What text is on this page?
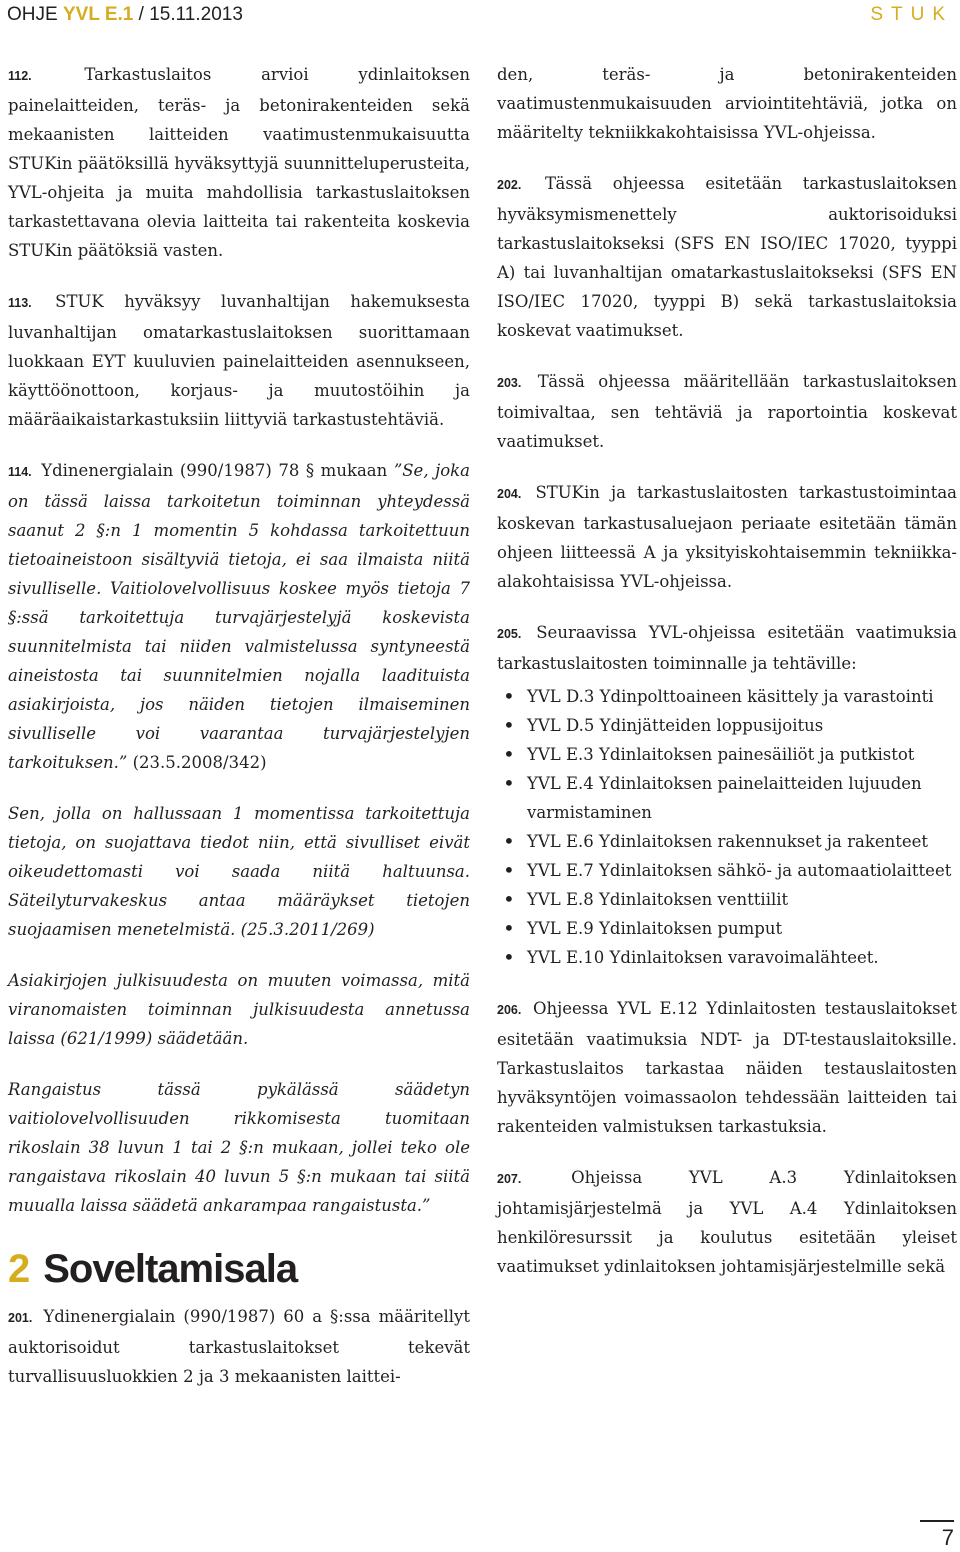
OHJE YVL E.1 / 15.11.2013	STUK

112.	Tarkastuslaitos arvioi ydinlaitoksen painelaitteiden, teräs- ja betonirakenteiden sekä mekaanisten laitteiden vaatimustenmukaisuutta STUKin päätöksillä hyväksyttyjä suunnitteluperusteita, YVL-ohjeita ja muita mahdollisia tarkastuslaitoksen tarkastettavana olevia laitteita tai rakenteita koskevia STUKin päätöksiä vasten.

113. STUK hyväksyy luvanhaltijan hakemuksesta luvanhaltijan omatarkastuslaitoksen suorittamaan luokkaan EYT kuuluvien painelaitteiden asennukseen, käyttöönottoon, korjaus- ja muutostöihin ja määräaikaistarkastuksiin liittyviä tarkastustehtäviä.

114. Ydinenergialain (990/1987) 78 § mukaan ”Se, joka on tässä laissa tarkoitetun toiminnan yhteydessä saanut 2 §:n 1 momentin 5 kohdassa tarkoitettuun tietoaineistoon sisältyviä tietoja, ei saa ilmaista niitä sivulliselle. Vaitiolovelvollisuus koskee myös tietoja 7 §:ssä tarkoitettuja turvajärjestelyjä koskevista suunnitelmista tai niiden valmistelussa syntyneestä aineistosta tai suunnitelmien nojalla laadituista asiakirjoista, jos näiden tietojen ilmaiseminen sivulliselle voi vaarantaa turvajärjestelyjen tarkoituksen.” (23.5.2008/342)

Sen, jolla on hallussaan 1 momentissa tarkoitettuja tietoja, on suojattava tiedot niin, että sivulliset eivät oikeudettomasti voi saada niitä haltuunsa. Säteilyturvakeskus antaa määräykset tietojen suojaamisen menetelmistä. (25.3.2011/269)

Asiakirjojen julkisuudesta on muuten voimassa, mitä viranomaisten toiminnan julkisuudesta annetussa laissa (621/1999) säädetään.

Rangaistus tässä pykälässä säädetyn vaitiolovelvollisuuden rikkomisesta tuomitaan rikoslain 38 luvun 1 tai 2 §:n mukaan, jollei teko ole rangaistava rikoslain 40 luvun 5 §:n mukaan tai siitä muualla laissa säädetä ankarampaa rangaistusta.”

2 Soveltamisala

201. Ydinenergialain (990/1987) 60 a §:ssa määritellyt auktorisoidut tarkastuslaitokset tekevät turvallisuusluokkien 2 ja 3 mekaanisten laittei-

den, teräs- ja betonirakenteiden vaatimustenmukaisuuden arviointitehtäviä, jotka on määritelty tekniikkakohtaisissa YVL-ohjeissa.

202. Tässä ohjeessa esitetään tarkastuslaitoksen hyväksymismenettely auktorisoiduksi tarkastuslaitokseksi (SFS EN ISO/IEC 17020, tyyppi A) tai luvanhaltijan omatarkastuslaitokseksi (SFS EN ISO/IEC 17020, tyyppi B) sekä tarkastuslaitoksia koskevat vaatimukset.

203. Tässä ohjeessa määritellään tarkastuslaitoksen toimivaltaa, sen tehtäviä ja raportointia koskevat vaatimukset.

204. STUKin ja tarkastuslaitosten tarkastustoimintaa koskevan tarkastusaluejaon periaate esitetään tämän ohjeen liitteessä A ja yksityiskohtaisemmin tekniikka-alakohtaisissa YVL-ohjeissa.

205. Seuraavissa YVL-ohjeissa esitetään vaatimuksia tarkastuslaitosten toiminnalle ja tehtäville:

• YVL D.3 Ydinpolttoaineen käsittely ja varastointi
• YVL D.5 Ydinjätteiden loppusijoitus
• YVL E.3 Ydinlaitoksen painesäiliöt ja putkistot
• YVL E.4 Ydinlaitoksen painelaitteiden lujuuden varmistaminen
• YVL E.6 Ydinlaitoksen rakennukset ja rakenteet
• YVL E.7 Ydinlaitoksen sähkö- ja automaatiolaitteet
• YVL E.8 Ydinlaitoksen venttiilit
• YVL E.9 Ydinlaitoksen pumput
• YVL E.10 Ydinlaitoksen varavoimalähteet.

206. Ohjeessa YVL E.12 Ydinlaitosten testauslaitokset esitetään vaatimuksia NDT- ja DT-testauslaitoksille. Tarkastuslaitos tarkastaa näiden testauslaitosten hyväksyntöjen voimassaolon tehdessään laitteiden tai rakenteiden valmistuksen tarkastuksia.

207.	Ohjeissa YVL A.3 Ydinlaitoksen johtamisjärjestelmä ja YVL A.4 Ydinlaitoksen henkilöresurssit ja koulutus esitetään yleiset vaatimukset ydinlaitoksen johtamisjärjestelmille sekä

7
